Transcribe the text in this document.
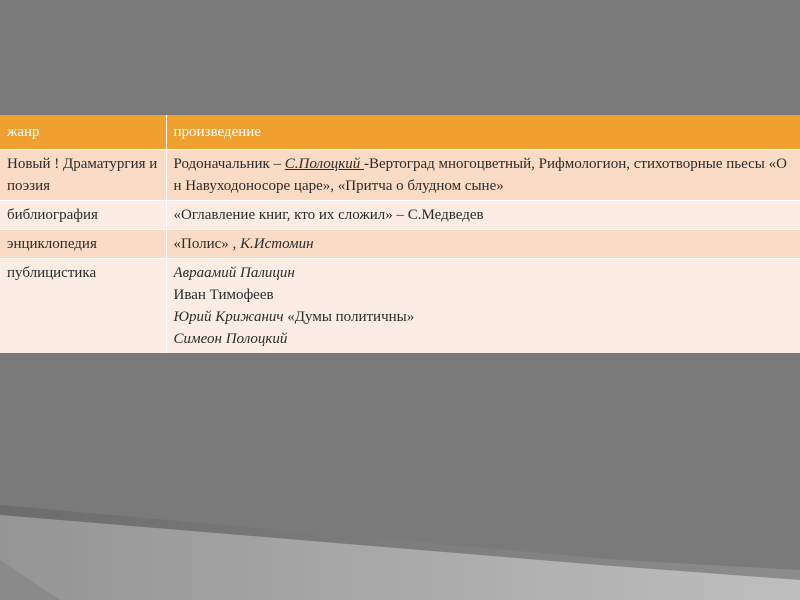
жанр	произведение
Новый ! Драматургия и поэзия	Родоначальник – С.Полоцкий -Вертоград многоцветный, Рифмологион, стихотворные пьесы «О н Навуходоносоре царе», «Притча о блудном сыне»
библиография	«Оглавление книг, кто их сложил» – С.Медведев
энциклопедия	«Полис» , К.Истомин
публицистика	Авраамий Палицин
Иван Тимофеев
Юрий Крижанич «Думы политичны»
Симеон Полоцкий
